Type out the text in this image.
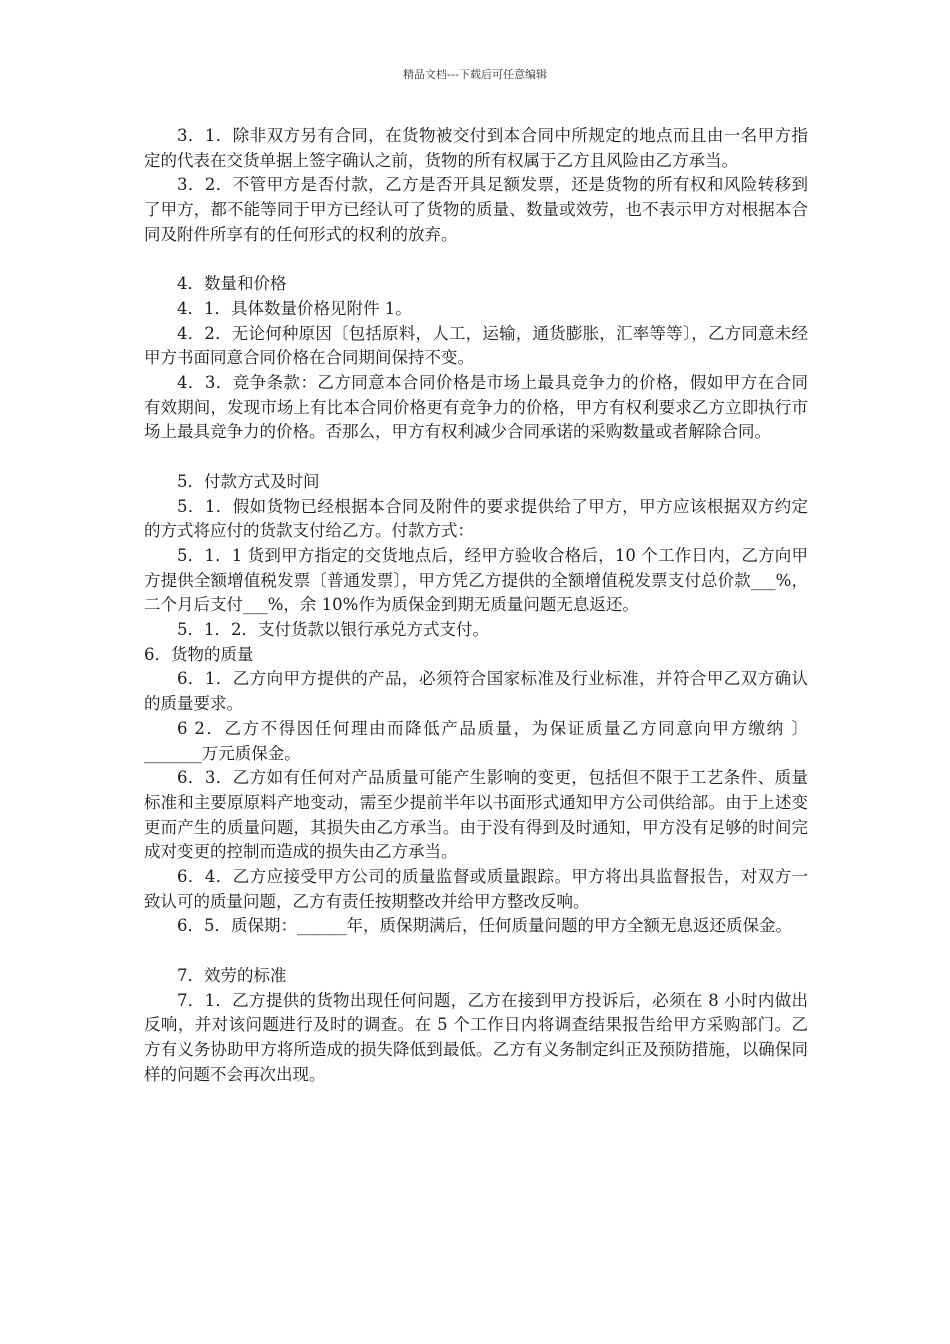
精品文档---下载后可任意编辑

3．1．除非双方另有合同，在货物被交付到本合同中所规定的地点而且由一名甲方指定的代表在交货单据上签字确认之前，货物的所有权属于乙方且风险由乙方承当。

3．2．不管甲方是否付款，乙方是否开具足额发票，还是货物的所有权和风险转移到了甲方，都不能等同于甲方已经认可了货物的质量、数量或效劳，也不表示甲方对根据本合同及附件所享有的任何形式的权利的放弃。

4．数量和价格

4．1．具体数量价格见附件 1。

4．2．无论何种原因〔包括原料，人工，运输，通货膨胀，汇率等等〕，乙方同意未经甲方书面同意合同价格在合同期间保持不变。

4．3．竞争条款：乙方同意本合同价格是市场上最具竞争力的价格，假如甲方在合同有效期间，发现市场上有比本合同价格更有竞争力的价格，甲方有权利要求乙方立即执行市场上最具竞争力的价格。否那么，甲方有权利减少合同承诺的采购数量或者解除合同。

5．付款方式及时间

5．1．假如货物已经根据本合同及附件的要求提供给了甲方，甲方应该根据双方约定的方式将应付的货款支付给乙方。付款方式：

5．1．1 货到甲方指定的交货地点后，经甲方验收合格后，10 个工作日内，乙方向甲方提供全额增值税发票〔普通发票〕，甲方凭乙方提供的全额增值税发票支付总价款___%，二个月后支付___%，余 10%作为质保金到期无质量问题无息返还。

5．1．2．支付货款以银行承兑方式支付。

6．货物的质量

6．1．乙方向甲方提供的产品，必须符合国家标准及行业标准，并符合甲乙双方确认的质量要求。

6 2．乙方不得因任何理由而降低产品质量，为保证质量乙方同意向甲方缴纳 〕_______万元质保金。

6．3．乙方如有任何对产品质量可能产生影响的变更，包括但不限于工艺条件、质量标准和主要原原料产地变动，需至少提前半年以书面形式通知甲方公司供给部。由于上述变更而产生的质量问题，其损失由乙方承当。由于没有得到及时通知，甲方没有足够的时间完成对变更的控制而造成的损失由乙方承当。

6．4．乙方应接受甲方公司的质量监督或质量跟踪。甲方将出具监督报告，对双方一致认可的质量问题，乙方有责任按期整改并给甲方整改反响。

6．5．质保期：______年，质保期满后，任何质量问题的甲方全额无息返还质保金。

7．效劳的标准

7．1．乙方提供的货物出现任何问题，乙方在接到甲方投诉后，必须在 8 小时内做出反响，并对该问题进行及时的调查。在 5 个工作日内将调查结果报告给甲方采购部门。乙方有义务协助甲方将所造成的损失降低到最低。乙方有义务制定纠正及预防措施，以确保同样的问题不会再次出现。
